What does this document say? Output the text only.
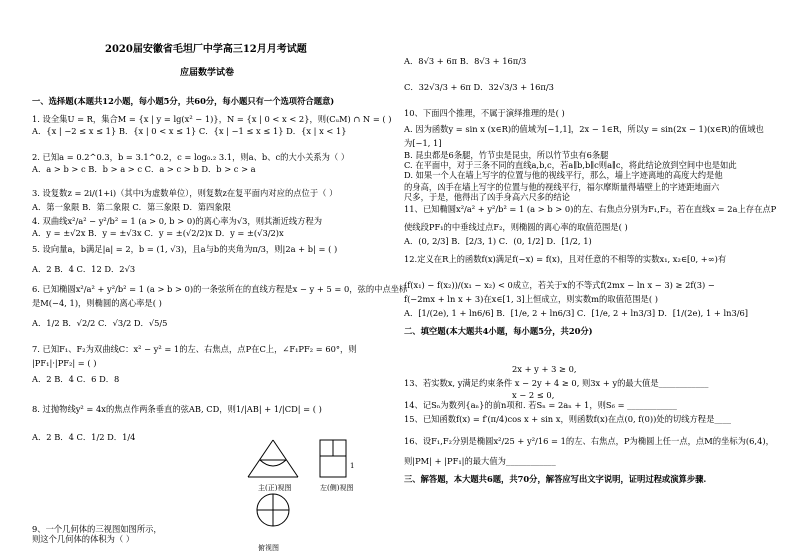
2020届安徽省毛坦厂中学高三12月月考试题
应届数学试卷
一、选择题(本题共12小题，每小题5分，共60分，每小题只有一个选项符合题意)
1. 设全集U = R，集合M = {x | y = lg(x² − 1)}，N = {x | 0 < x < 2}，则(CᵤM) ∩ N = ( )
A．{x | −2 ≤ x ≤ 1} B．{x | 0 < x ≤ 1} C．{x | −1 ≤ x ≤ 1} D．{x | x < 1}
2. 已知a = 0.2^0.3，b = 3.1^0.2，c = log₀.₂ 3.1，则a、b、c的大小关系为（ ）
A．a > b > c B．b > a > c C．a > c > b D．b > c > a
3. 设复数z = 2i/(1+i)（其中i为虚数单位），则复数z在复平面内对应的点位于（ ）
A．第一象限 B．第二象限 C．第三象限 D．第四象限
4. 双曲线x²/a² − y²/b² = 1 (a > 0, b > 0)的离心率为√3，则其渐近线方程为
A．y = ±√2x B．y = ±√3x C．y = ±(√2/2)x D．y = ±(√3/2)x
5. 设向量a，b满足|a| = 2，b = (1, √3)，且a与b的夹角为π/3，则|2a + b| = ( )
A．2 B．4 C．12 D．2√3
6. 已知椭圆x²/a² + y²/b² = 1 (a > b > 0)的一条弦所在的直线方程是x − y + 5 = 0，弦的中点坐标
是M(−4, 1)，则椭圆的离心率是( )
A．1/2 B．√2/2 C．√3/2 D．√5/5
7. 已知F₁、F₂为双曲线C：x² − y² = 1的左、右焦点，点P在C上，∠F₁PF₂ = 60°，则
|PF₁|·|PF₂| = ( )
A．2 B．4 C．6 D．8
8. 过抛物线y² = 4x的焦点作两条垂直的弦AB, CD，则1/|AB| + 1/|CD| = ( )
A．2 B．4 C．1/2 D．1/4
9、一个几何体的三视图如图所示，
则这个几何体的体积为（ ）
A．8√3 + 6π B．8√3 + 16π/3
C．32√3/3 + 6π D．32√3/3 + 16π/3
10、下面四个推理，不属于演绎推理的是( )
A. 因为函数y = sin x (x∈R)的值域为[−1,1]，2x − 1∈R，所以y = sin(2x − 1)(x∈R)的值域也
为[−1, 1]
B. 昆虫都是6条腿，竹节虫是昆虫，所以竹节虫有6条腿
C. 在平面中，对于三条不同的直线a,b,c，若a∥b,b∥c则a∥c，将此结论放到空间中也是如此
D. 如果一个人在墙上写字的位置与他的视线平行，那么，墙上字迹离地的高度大约是他
的身高，凶手在墙上写字的位置与他的视线平行，福尔摩斯量得墙壁上的字迹距地面六
尺多，于是，他得出了凶手身高六尺多的结论
11、已知椭圆x²/a² + y²/b² = 1 (a > b > 0)的左、右焦点分别为F₁,F₂，若在直线x = 2a上存在点P
使线段PF₁的中垂线过点F₂，则椭圆的离心率的取值范围是( )
A．(0, 2/3] B．[2/3, 1) C．(0, 1/2] D．[1/2, 1)
12.定义在R上的函数f(x)满足f(−x) = f(x)，且对任意的不相等的实数x₁, x₂∈[0, +∞)有
(f(x₁) − f(x₂))/(x₁ − x₂) < 0成立，若关于x的不等式f(2mx − ln x − 3) ≥ 2f(3) −
f(−2mx + ln x + 3)在x∈[1, 3]上恒成立，则实数m的取值范围是( )
A．[1/(2e), 1 + ln6/6] B．[1/e, 2 + ln6/3] C．[1/e, 2 + ln3/3] D．[1/(2e), 1 + ln3/6]
二、填空题(本大题共4小题，每小题5分，共20分)
2x + y + 3 ≥ 0,
13、若实数x, y满足约束条件 x − 2y + 4 ≥ 0, 则3x + y的最大值是____________
x − 2 ≤ 0,
14、记Sₙ为数列{aₙ}的前n项和. 若Sₙ = 2aₙ + 1，则S₆ = ____________
15、已知函数f(x) = f′(π/4)cos x + sin x，则函数f(x)在点(0, f(0))处的切线方程是____
16、设F₁,F₂分别是椭圆x²/25 + y²/16 = 1的左、右焦点，P为椭圆上任一点，点M的坐标为(6,4)，
则|PM| + |PF₁|的最大值为____________
三、解答题，本大题共6题，共70分，解答应写出文字说明，证明过程或演算步骤.
主(正)视图	左(侧)视图
俯视图
1
